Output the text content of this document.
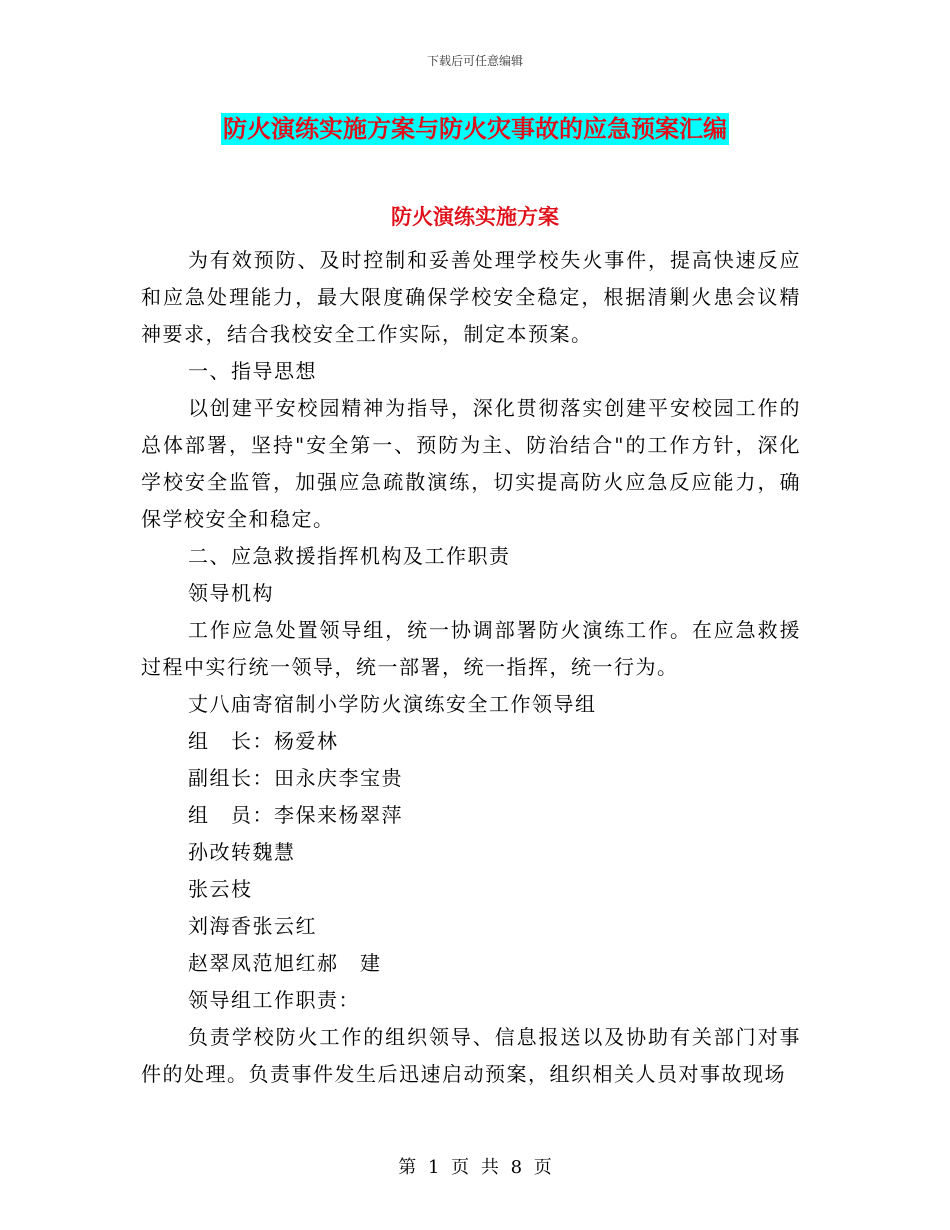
下载后可任意编辑
防火演练实施方案与防火灾事故的应急预案汇编
防火演练实施方案

为有效预防、及时控制和妥善处理学校失火事件，提高快速反应和应急处理能力，最大限度确保学校安全稳定，根据清剿火患会议精神要求，结合我校安全工作实际，制定本预案。

一、指导思想

以创建平安校园精神为指导，深化贯彻落实创建平安校园工作的总体部署，坚持"安全第一、预防为主、防治结合"的工作方针，深化学校安全监管，加强应急疏散演练，切实提高防火应急反应能力，确保学校安全和稳定。

二、应急救援指挥机构及工作职责

领导机构

工作应急处置领导组，统一协调部署防火演练工作。在应急救援过程中实行统一领导，统一部署，统一指挥，统一行为。

丈八庙寄宿制小学防火演练安全工作领导组

组　长：杨爱林

副组长：田永庆李宝贵

组　员：李保来杨翠萍

孙改转魏慧

张云枝

刘海香张云红

赵翠凤范旭红郝　建

领导组工作职责：

负责学校防火工作的组织领导、信息报送以及协助有关部门对事件的处理。负责事件发生后迅速启动预案，组织相关人员对事故现场

第 1 页 共 8 页
